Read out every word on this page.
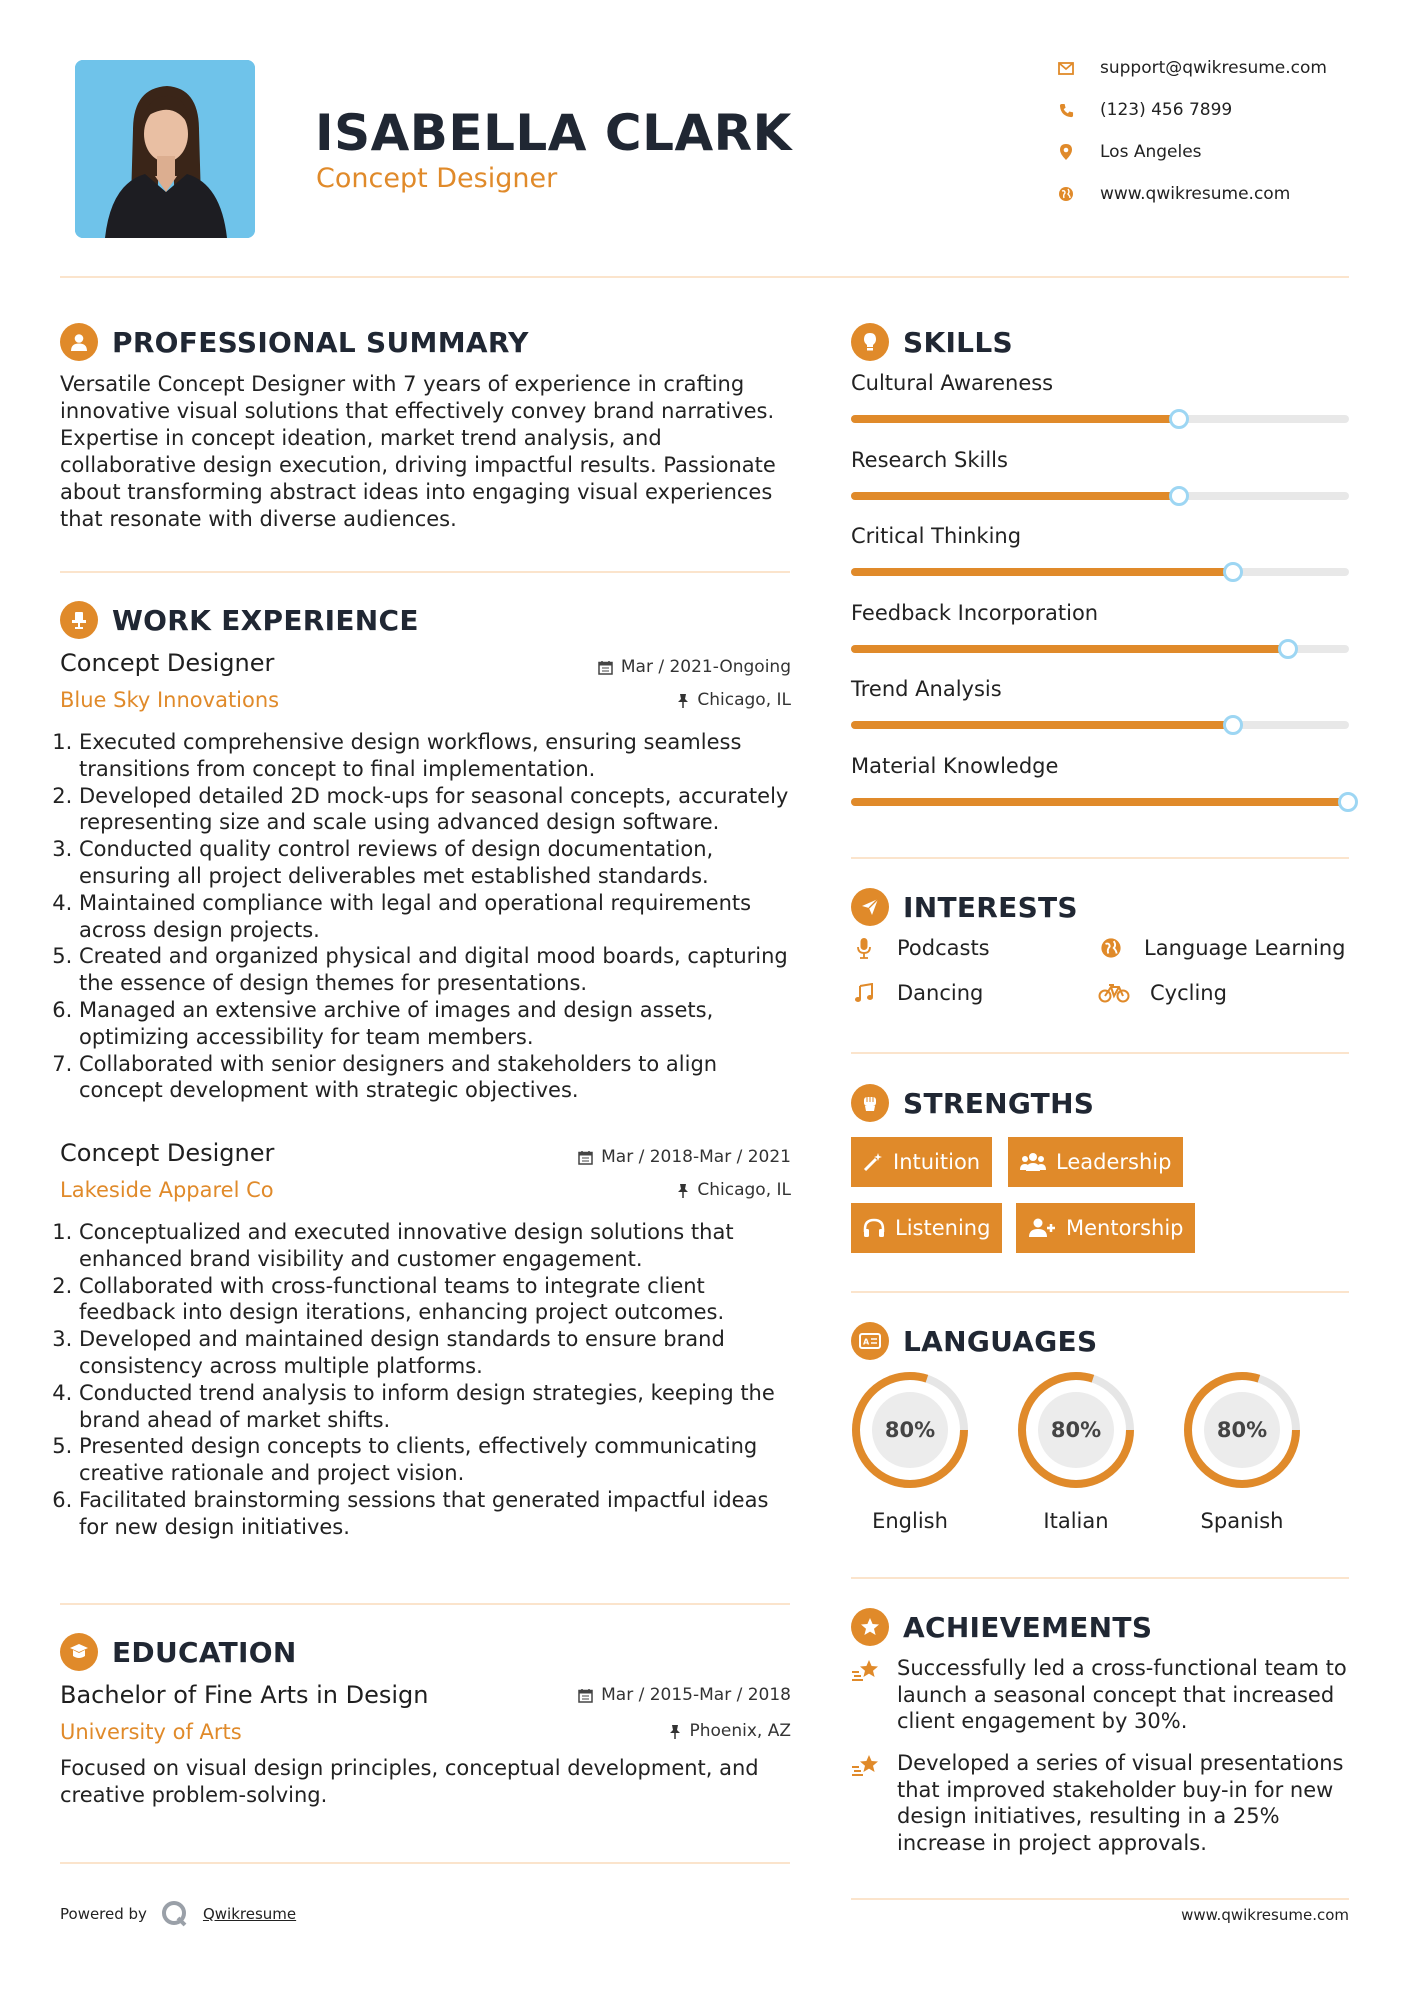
ISABELLA CLARK
Concept Designer
support@qwikresume.com
(123) 456 7899
Los Angeles
www.qwikresume.com
PROFESSIONAL SUMMARY
Versatile Concept Designer with 7 years of experience in crafting innovative visual solutions that effectively convey brand narratives. Expertise in concept ideation, market trend analysis, and collaborative design execution, driving impactful results. Passionate about transforming abstract ideas into engaging visual experiences that resonate with diverse audiences.
WORK EXPERIENCE
Concept Designer	Mar / 2021-Ongoing
Blue Sky Innovations	Chicago, IL
1. Executed comprehensive design workflows, ensuring seamless transitions from concept to final implementation.
2. Developed detailed 2D mock-ups for seasonal concepts, accurately representing size and scale using advanced design software.
3. Conducted quality control reviews of design documentation, ensuring all project deliverables met established standards.
4. Maintained compliance with legal and operational requirements across design projects.
5. Created and organized physical and digital mood boards, capturing the essence of design themes for presentations.
6. Managed an extensive archive of images and design assets, optimizing accessibility for team members.
7. Collaborated with senior designers and stakeholders to align concept development with strategic objectives.
Concept Designer	Mar / 2018-Mar / 2021
Lakeside Apparel Co	Chicago, IL
1. Conceptualized and executed innovative design solutions that enhanced brand visibility and customer engagement.
2. Collaborated with cross-functional teams to integrate client feedback into design iterations, enhancing project outcomes.
3. Developed and maintained design standards to ensure brand consistency across multiple platforms.
4. Conducted trend analysis to inform design strategies, keeping the brand ahead of market shifts.
5. Presented design concepts to clients, effectively communicating creative rationale and project vision.
6. Facilitated brainstorming sessions that generated impactful ideas for new design initiatives.
EDUCATION
Bachelor of Fine Arts in Design	Mar / 2015-Mar / 2018
University of Arts	Phoenix, AZ
Focused on visual design principles, conceptual development, and creative problem-solving.
Powered by	Qwikresume
SKILLS
Cultural Awareness
Research Skills
Critical Thinking
Feedback Incorporation
Trend Analysis
Material Knowledge
INTERESTS
Podcasts	Language Learning
Dancing	Cycling
STRENGTHS
Intuition	Leadership
Listening	Mentorship
A LANGUAGES
80%
English
80%
Italian
80%
Spanish
ACHIEVEMENTS
Successfully led a cross-functional team to launch a seasonal concept that increased client engagement by 30%.
Developed a series of visual presentations that improved stakeholder buy-in for new design initiatives, resulting in a 25% increase in project approvals.
www.qwikresume.com
